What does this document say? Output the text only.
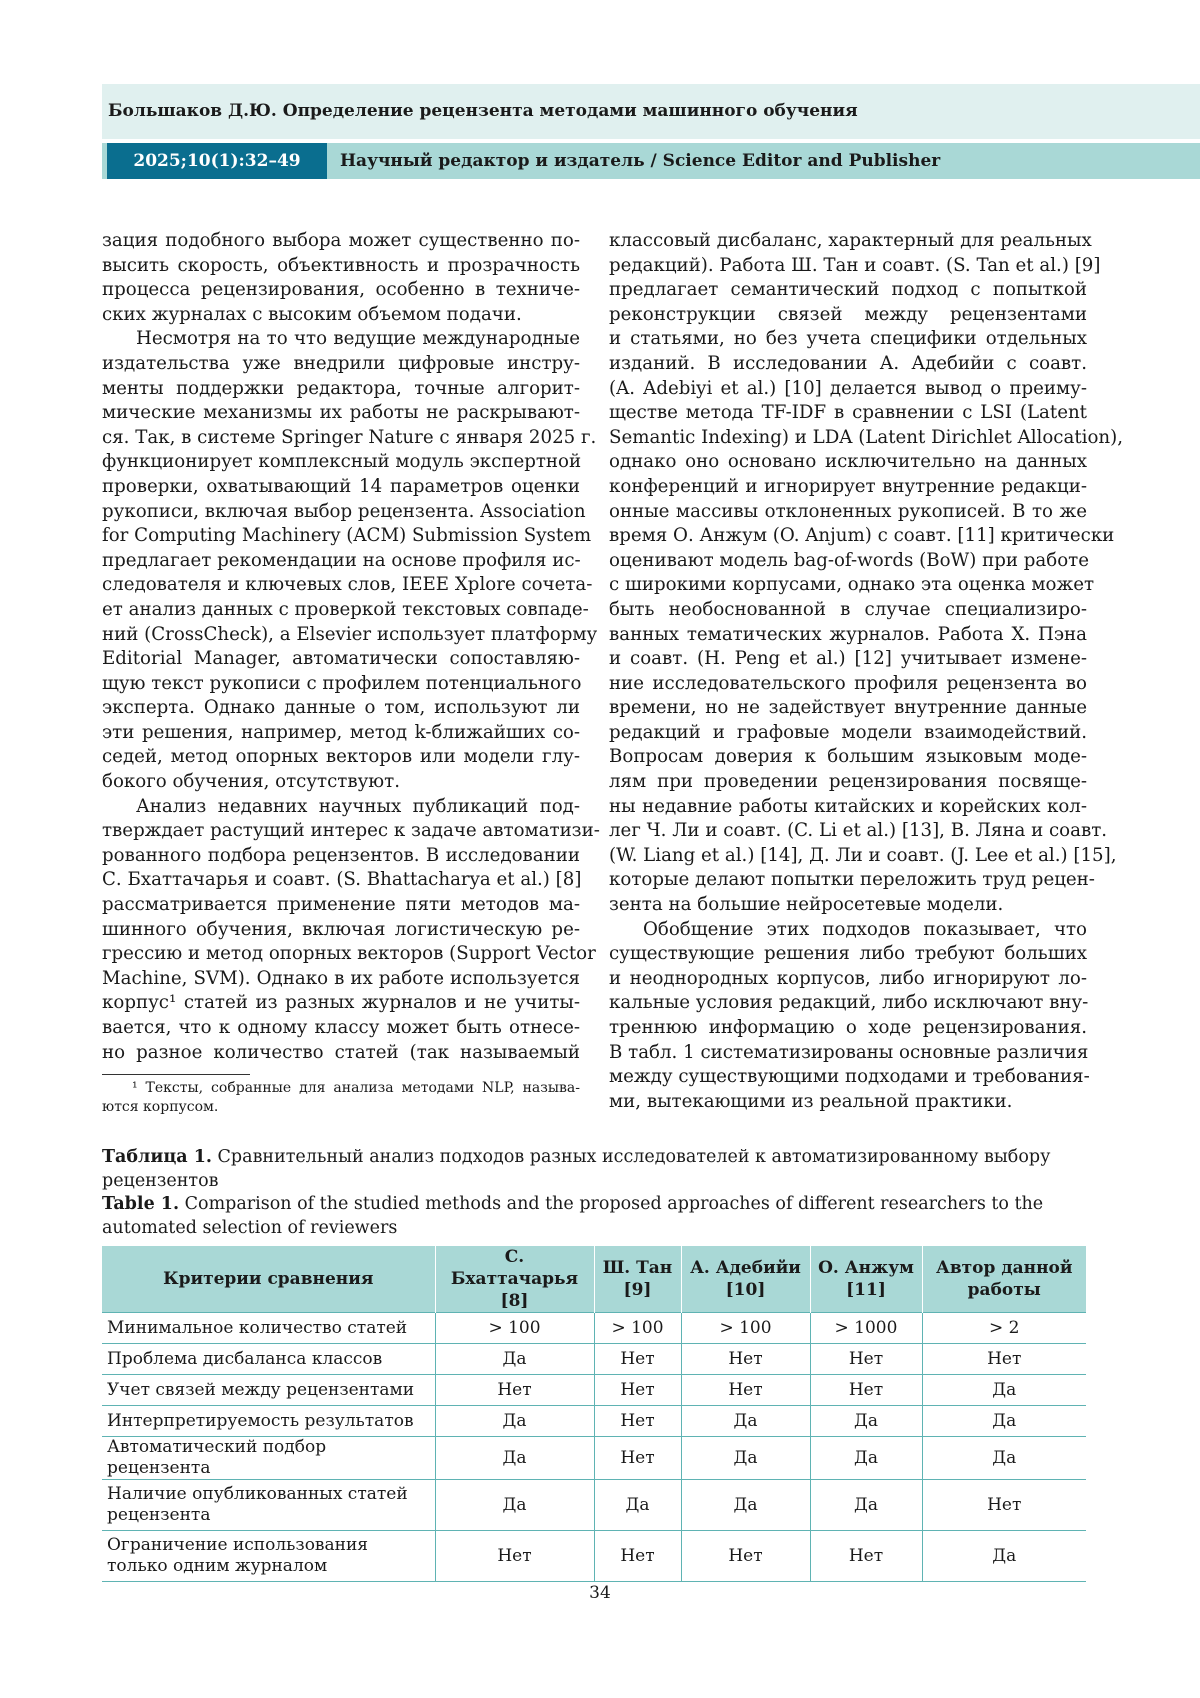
Большаков Д.Ю. Определение рецензента методами машинного обучения
2025;10(1):32–49	Научный редактор и издатель / Science Editor and Publisher
зация подобного выбора может существенно по-
высить скорость, объективность и прозрачность
процесса рецензирования, особенно в техниче-
ских журналах с высоким объемом подачи.
Несмотря на то что ведущие международные
издательства уже внедрили цифровые инстру-
менты поддержки редактора, точные алгорит-
мические механизмы их работы не раскрывают-
ся. Так, в системе Springer Nature с января 2025 г.
функционирует комплексный модуль экспертной
проверки, охватывающий 14 параметров оценки
рукописи, включая выбор рецензента. Association
for Computing Machinery (ACM) Submission System
предлагает рекомендации на основе профиля ис-
следователя и ключевых слов, IEEE Xplore сочета-
ет анализ данных с проверкой текстовых совпаде-
ний (CrossCheck), а Elsevier использует платформу
Editorial Manager, автоматически сопоставляю-
щую текст рукописи с профилем потенциального
эксперта. Однако данные о том, используют ли
эти решения, например, метод k-ближайших со-
седей, метод опорных векторов или модели глу-
бокого обучения, отсутствуют.
Анализ недавних научных публикаций под-
тверждает растущий интерес к задаче автоматизи-
рованного подбора рецензентов. В исследовании
С. Бхаттачарья и соавт. (S. Bhattacharya et al.) [8]
рассматривается применение пяти методов ма-
шинного обучения, включая логистическую ре-
грессию и метод опорных векторов (Support Vector
Machine, SVM). Однако в их работе используется
корпус¹ статей из разных журналов и не учиты-
вается, что к одному классу может быть отнесе-
но разное количество статей (так называемый
классовый дисбаланс, характерный для реальных
редакций). Работа Ш. Тан и соавт. (S. Tan et al.) [9]
предлагает семантический подход с попыткой
реконструкции связей между рецензентами
и статьями, но без учета специфики отдельных
изданий. В исследовании А. Адебийи с соавт.
(A. Adebiyi et al.) [10] делается вывод о преиму-
ществе метода TF-IDF в сравнении с LSI (Latent
Semantic Indexing) и LDA (Latent Dirichlet Allocation),
однако оно основано исключительно на данных
конференций и игнорирует внутренние редакци-
онные массивы отклоненных рукописей. В то же
время О. Анжум (O. Anjum) с соавт. [11] критически
оценивают модель bag-of-words (BoW) при работе
с широкими корпусами, однако эта оценка может
быть необоснованной в случае специализиро-
ванных тематических журналов. Работа Х. Пэна
и соавт. (H. Peng et al.) [12] учитывает измене-
ние исследовательского профиля рецензента во
времени, но не задействует внутренние данные
редакций и графовые модели взаимодействий.
Вопросам доверия к большим языковым моде-
лям при проведении рецензирования посвяще-
ны недавние работы китайских и корейских кол-
лег Ч. Ли и соавт. (C. Li et al.) [13], В. Ляна и соавт.
(W. Liang et al.) [14], Д. Ли и соавт. (J. Lee et al.) [15],
которые делают попытки переложить труд рецен-
зента на большие нейросетевые модели.
Обобщение этих подходов показывает, что
существующие решения либо требуют больших
и неоднородных корпусов, либо игнорируют ло-
кальные условия редакций, либо исключают вну-
треннюю информацию о ходе рецензирования.
В табл. 1 систематизированы основные различия
между существующими подходами и требования-
ми, вытекающими из реальной практики.
¹ Тексты, собранные для анализа методами NLP, называ-
ются корпусом.
Таблица 1. Сравнительный анализ подходов разных исследователей к автоматизированному выбору рецензентов
Table 1. Comparison of the studied methods and the proposed approaches of different researchers to the automated selection of reviewers
Критерии сравнения	С. Бхаттачарья [8]	Ш. Тан [9]	А. Адебийи [10]	О. Анжум [11]	Автор данной работы
Минимальное количество статей	> 100	> 100	> 100	> 1000	> 2
Проблема дисбаланса классов	Да	Нет	Нет	Нет	Нет
Учет связей между рецензентами	Нет	Нет	Нет	Нет	Да
Интерпретируемость результатов	Да	Нет	Да	Да	Да
Автоматический подбор рецензента	Да	Нет	Да	Да	Да
Наличие опубликованных статей рецензента	Да	Да	Да	Да	Нет
Ограничение использования только одним журналом	Нет	Нет	Нет	Нет	Да
34
